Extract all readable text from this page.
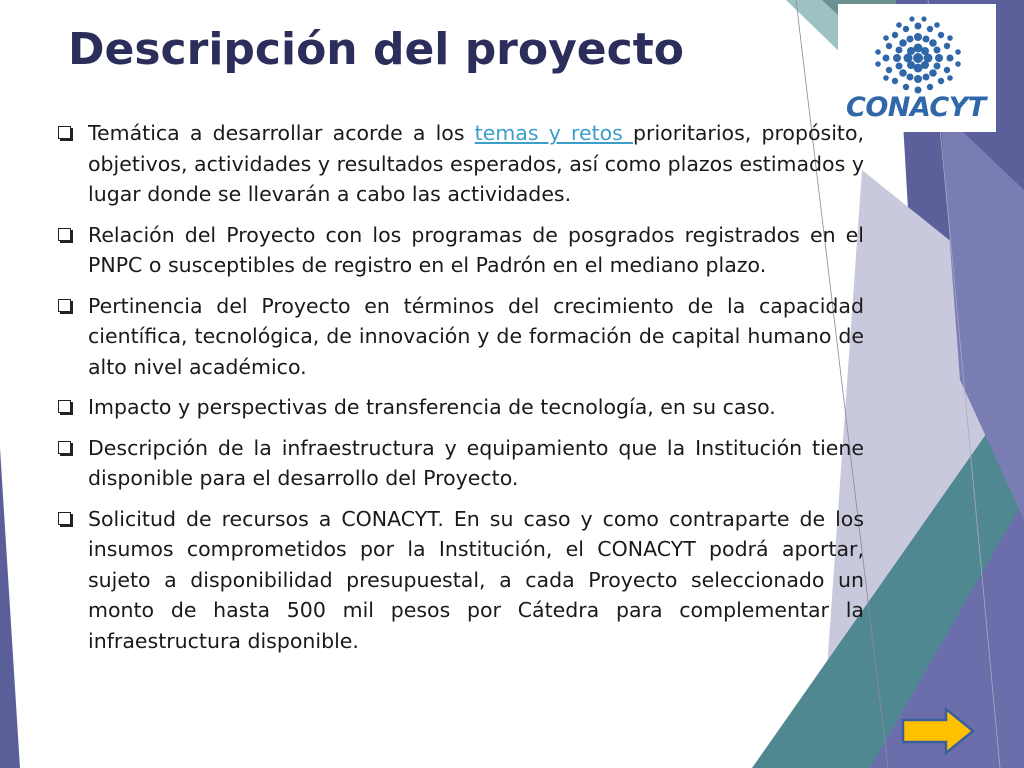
Descripción del proyecto
CONACYT
Temática a desarrollar acorde a los temas y retos prioritarios, propósito, objetivos, actividades y resultados esperados, así como plazos estimados y lugar donde se llevarán a cabo las actividades.
Relación del Proyecto con los programas de posgrados registrados en el PNPC o susceptibles de registro en el Padrón en el mediano plazo.
Pertinencia del Proyecto en términos del crecimiento de la capacidad científica, tecnológica, de innovación y de formación de capital humano de alto nivel académico.
Impacto y perspectivas de transferencia de tecnología, en su caso.
Descripción de la infraestructura y equipamiento que la Institución tiene disponible para el desarrollo del Proyecto.
Solicitud de recursos a CONACYT. En su caso y como contraparte de los insumos comprometidos por la Institución, el CONACYT podrá aportar, sujeto a disponibilidad presupuestal, a cada Proyecto seleccionado un monto de hasta 500 mil pesos por Cátedra para complementar la infraestructura disponible.
